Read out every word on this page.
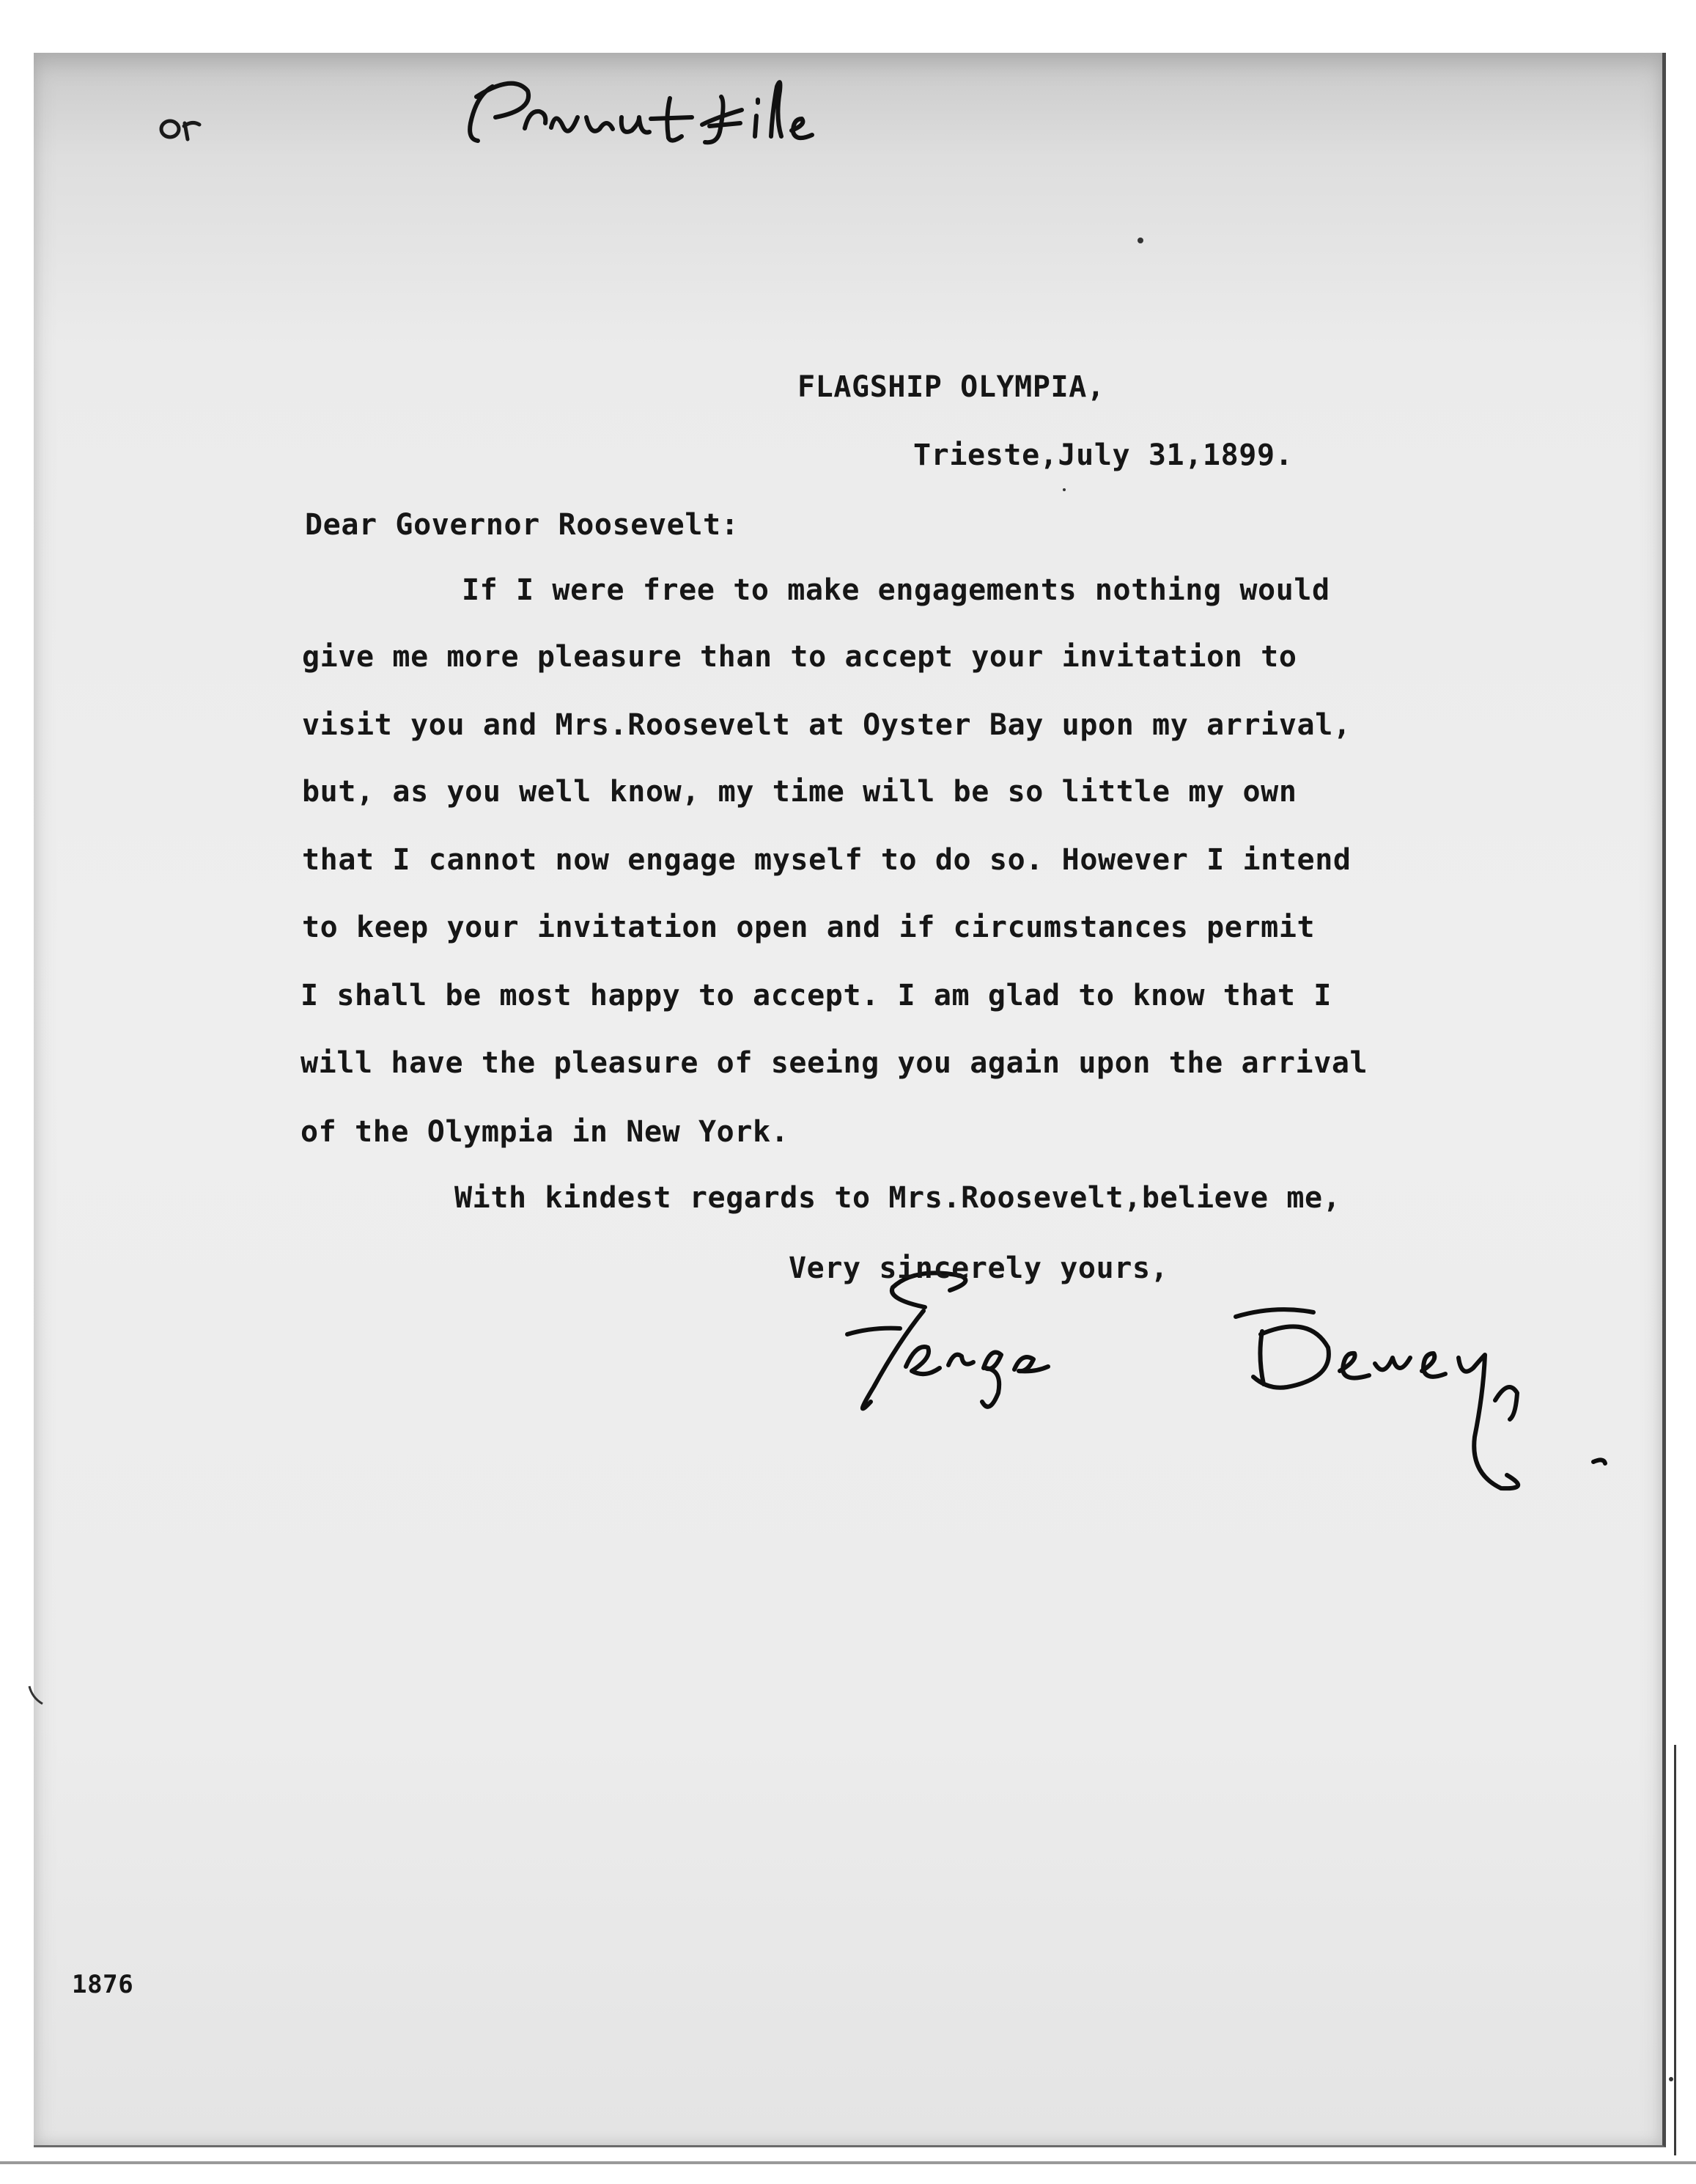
FLAGSHIP OLYMPIA,

Trieste,July 31,1899.

Dear Governor Roosevelt:

If I were free to make engagements nothing would

give me more pleasure than to accept your invitation to

visit you and Mrs.Roosevelt at Oyster Bay upon my arrival,

but, as you well know, my time will be so little my own

that I cannot now engage myself to do so. However I intend

to keep your invitation open and if circumstances permit

I shall be most happy to accept. I am glad to know that I

will have the pleasure of seeing you again upon the arrival

of the Olympia in New York.

With kindest regards to Mrs.Roosevelt,believe me,

Very sincerely yours,

1876
